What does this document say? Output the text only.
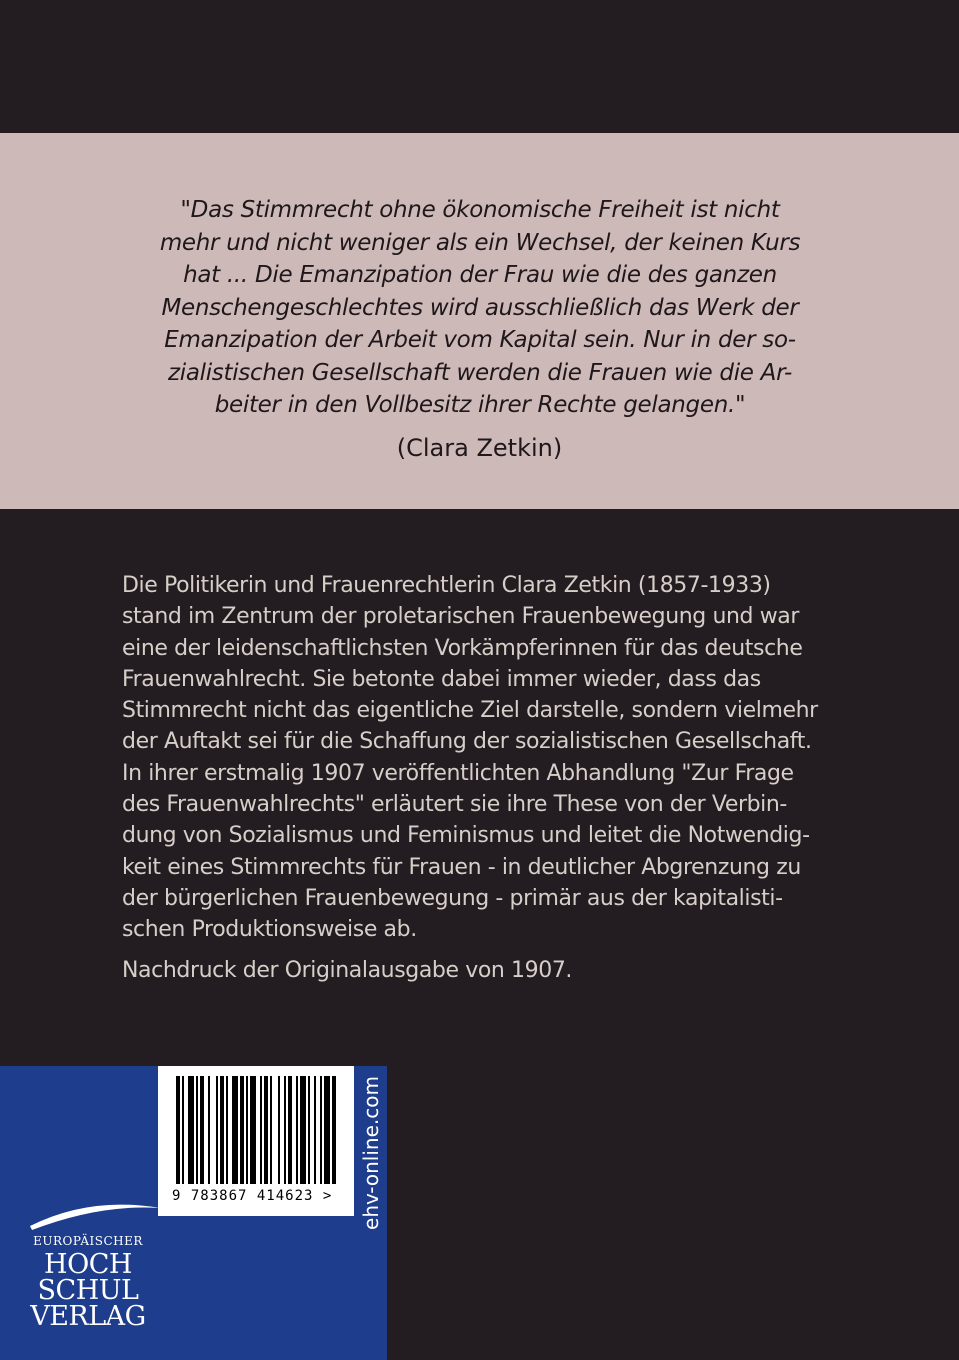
"Das Stimmrecht ohne ökonomische Freiheit ist nicht
mehr und nicht weniger als ein Wechsel, der keinen Kurs
hat ... Die Emanzipation der Frau wie die des ganzen
Menschengeschlechtes wird ausschließlich das Werk der
Emanzipation der Arbeit vom Kapital sein. Nur in der so-
zialistischen Gesellschaft werden die Frauen wie die Ar-
beiter in den Vollbesitz ihrer Rechte gelangen."
(Clara Zetkin)
Die Politikerin und Frauenrechtlerin Clara Zetkin (1857-1933)
stand im Zentrum der proletarischen Frauenbewegung und war
eine der leidenschaftlichsten Vorkämpferinnen für das deutsche
Frauenwahlrecht. Sie betonte dabei immer wieder, dass das
Stimmrecht nicht das eigentliche Ziel darstelle, sondern vielmehr
der Auftakt sei für die Schaffung der sozialistischen Gesellschaft.
In ihrer erstmalig 1907 veröffentlichten Abhandlung "Zur Frage
des Frauenwahlrechts" erläutert sie ihre These von der Verbin-
dung von Sozialismus und Feminismus und leitet die Notwendig-
keit eines Stimmrechts für Frauen - in deutlicher Abgrenzung zu
der bürgerlichen Frauenbewegung - primär aus der kapitalisti-
schen Produktionsweise ab.
Nachdruck der Originalausgabe von 1907.
9 783867 414623 > ehv-online.com
EUROPÄISCHER
HOCH
SCHUL
VERLAG
